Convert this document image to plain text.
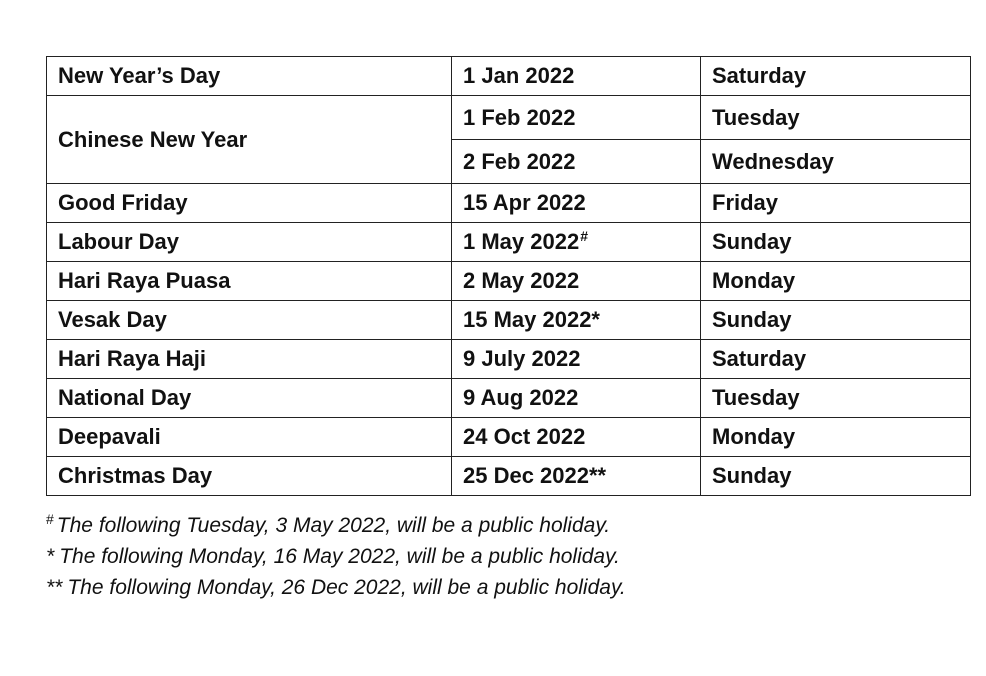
New Year’s Day	1 Jan 2022	Saturday
Chinese New Year	1 Feb 2022	Tuesday
	2 Feb 2022	Wednesday
Good Friday	15 Apr 2022	Friday
Labour Day	1 May 2022#	Sunday
Hari Raya Puasa	2 May 2022	Monday
Vesak Day	15 May 2022*	Sunday
Hari Raya Haji	9 July 2022	Saturday
National Day	9 Aug 2022	Tuesday
Deepavali	24 Oct 2022	Monday
Christmas Day	25 Dec 2022**	Sunday
# The following Tuesday, 3 May 2022, will be a public holiday.
* The following Monday, 16 May 2022, will be a public holiday.
** The following Monday, 26 Dec 2022, will be a public holiday.
